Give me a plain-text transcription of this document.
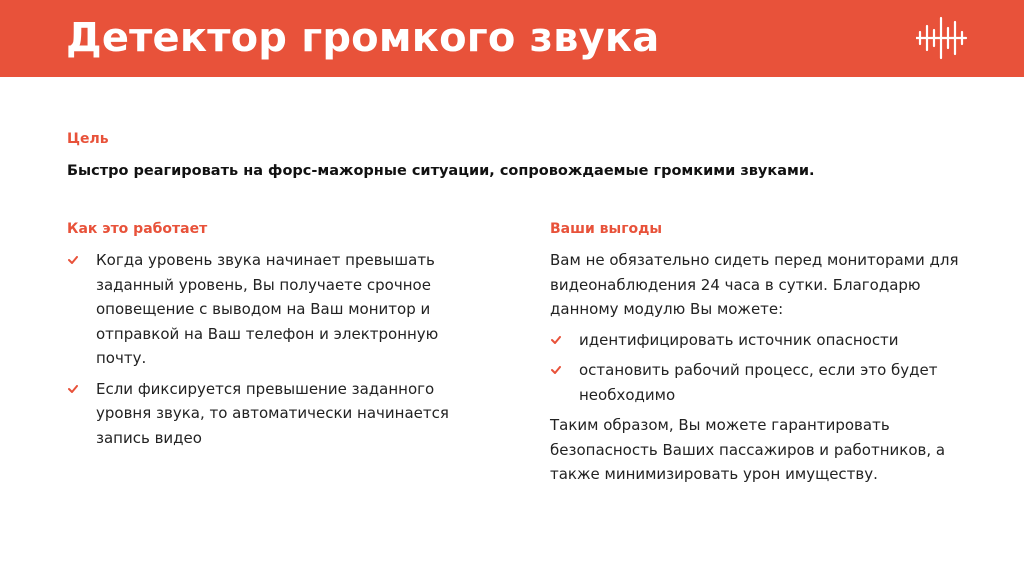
Детектор громкого звука
Цель
Быстро реагировать на форс-мажорные ситуации, сопровождаемые громкими звуками.
Как это работает	Ваши выгоды
Когда уровень звука начинает превышать заданный уровень, Вы получаете срочное оповещение с выводом на Ваш монитор и отправкой на Ваш телефон и электронную почту.
Если фиксируется превышение заданного уровня звука, то автоматически начинается запись видео

Вам не обязательно сидеть перед мониторами для видеонаблюдения 24 часа в сутки. Благодарю данному модулю Вы можете:

идентифицировать источник опасности
остановить рабочий процесс, если это будет необходимо

Таким образом, Вы можете гарантировать безопасность Ваших пассажиров и работников, а также минимизировать урон имуществу.
